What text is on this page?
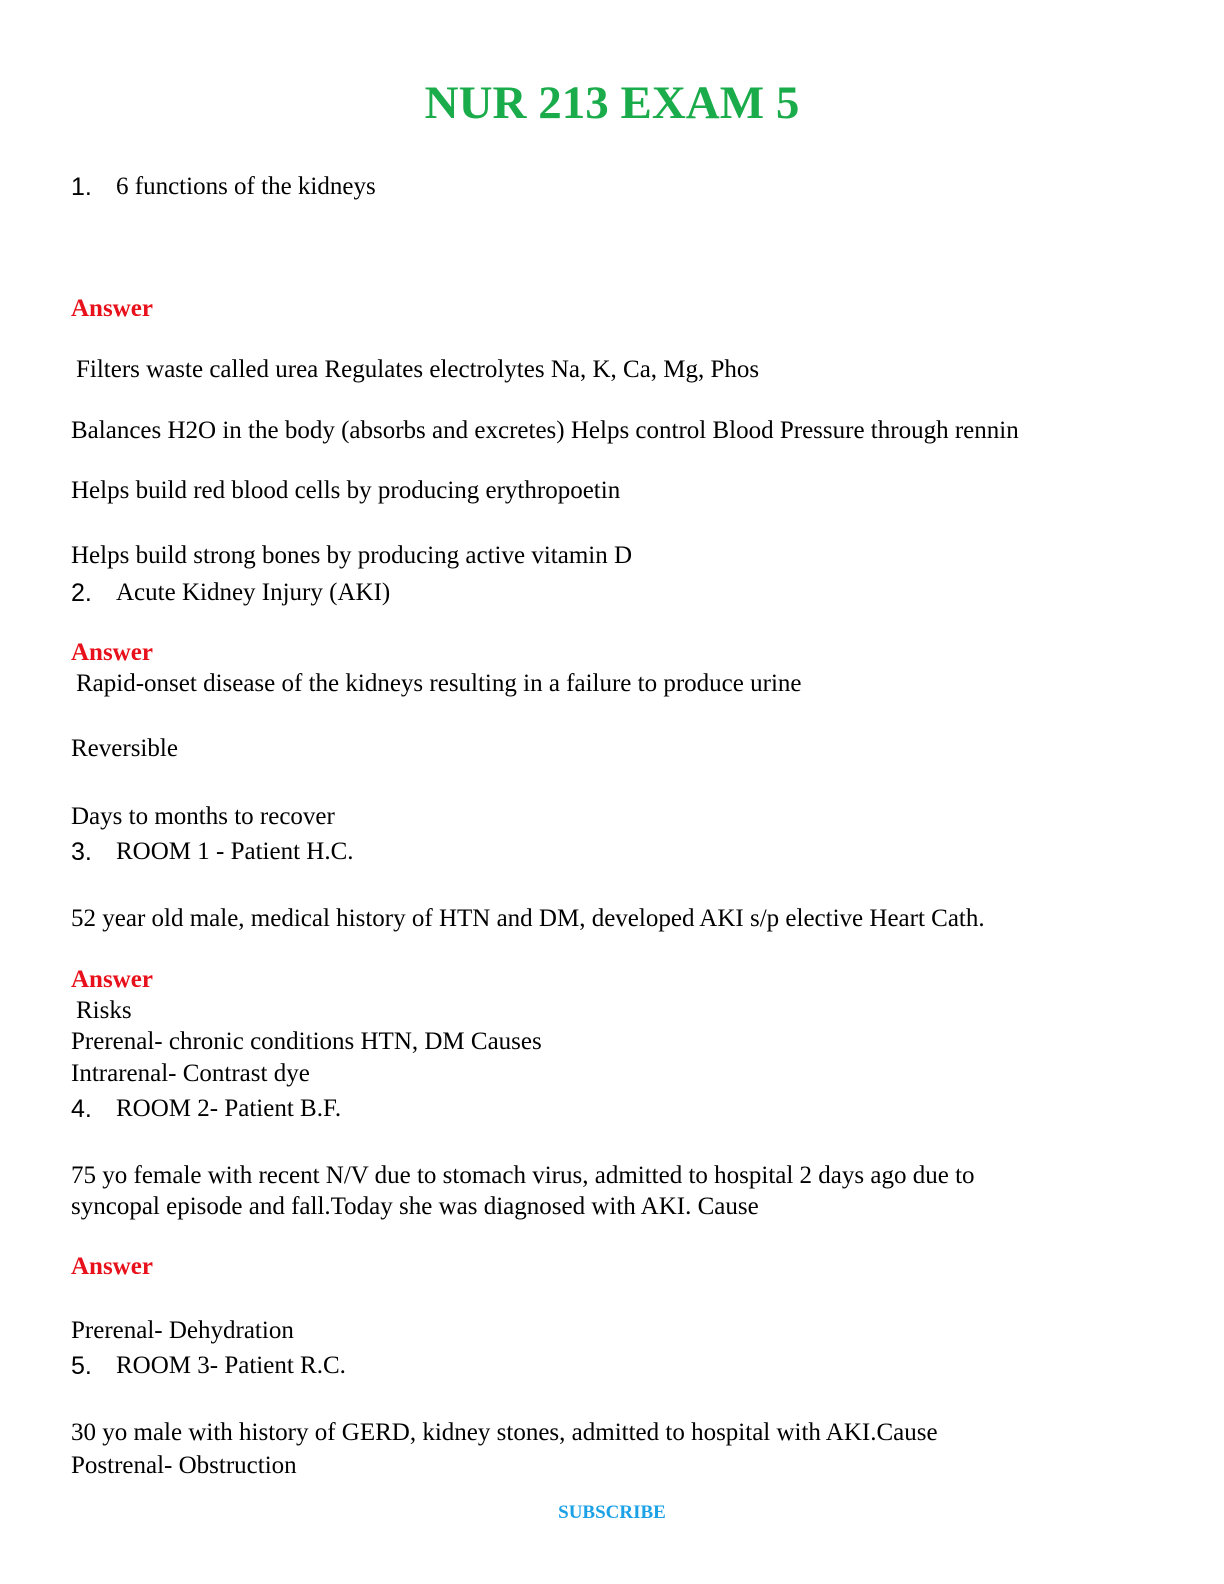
NUR 213 EXAM 5
1. 6 functions of the kidneys
Answer
Filters waste called urea Regulates electrolytes Na, K, Ca, Mg, Phos
Balances H2O in the body (absorbs and excretes) Helps control Blood Pressure through rennin
Helps build red blood cells by producing erythropoetin
Helps build strong bones by producing active vitamin D
2. Acute Kidney Injury (AKI)
Answer
Rapid-onset disease of the kidneys resulting in a failure to produce urine
Reversible
Days to months to recover
3. ROOM 1 - Patient H.C.
52 year old male, medical history of HTN and DM, developed AKI s/p elective Heart Cath.
Answer
Risks
Prerenal- chronic conditions HTN, DM Causes
Intrarenal- Contrast dye
4. ROOM 2- Patient B.F.
75 yo female with recent N/V due to stomach virus, admitted to hospital 2 days ago due to
syncopal episode and fall.Today she was diagnosed with AKI. Cause
Answer
Prerenal- Dehydration
5. ROOM 3- Patient R.C.
30 yo male with history of GERD, kidney stones, admitted to hospital with AKI.Cause
Postrenal- Obstruction
SUBSCRIBE
